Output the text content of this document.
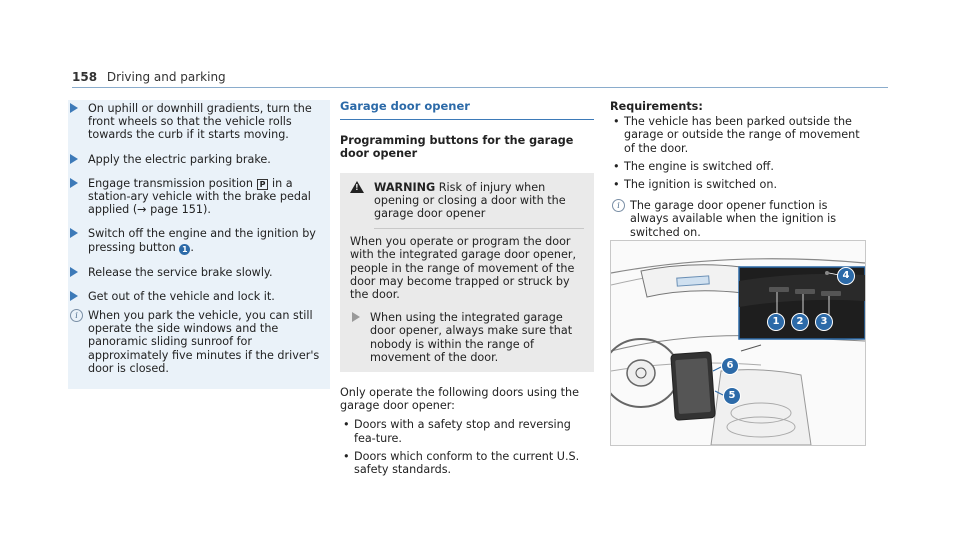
158 Driving and parking
On uphill or downhill gradients, turn the front wheels so that the vehicle rolls towards the curb if it starts moving.
Apply the electric parking brake.
Engage transmission position P in a station-ary vehicle with the brake pedal applied (→ page 151).
Switch off the engine and the ignition by pressing button 1 .
Release the service brake slowly.
Get out of the vehicle and lock it.
i When you park the vehicle, you can still operate the side windows and the panoramic sliding sunroof for approximately five minutes if the driver's door is closed.
Garage door opener
Programming buttons for the garage door opener
!
WARNING Risk of injury when opening or closing a door with the garage door opener
When you operate or program the door with the integrated garage door opener, people in the range of movement of the door may become trapped or struck by the door.
When using the integrated garage door opener, always make sure that nobody is within the range of movement of the door.
Only operate the following doors using the garage door opener:
• Doors with a safety stop and reversing fea-ture.
• Doors which conform to the current U.S. safety standards.
Requirements:
• The vehicle has been parked outside the garage or outside the range of movement of the door.
• The engine is switched off.
• The ignition is switched on.
i The garage door opener function is always available when the ignition is switched on.
4
1	2	3
6
5
